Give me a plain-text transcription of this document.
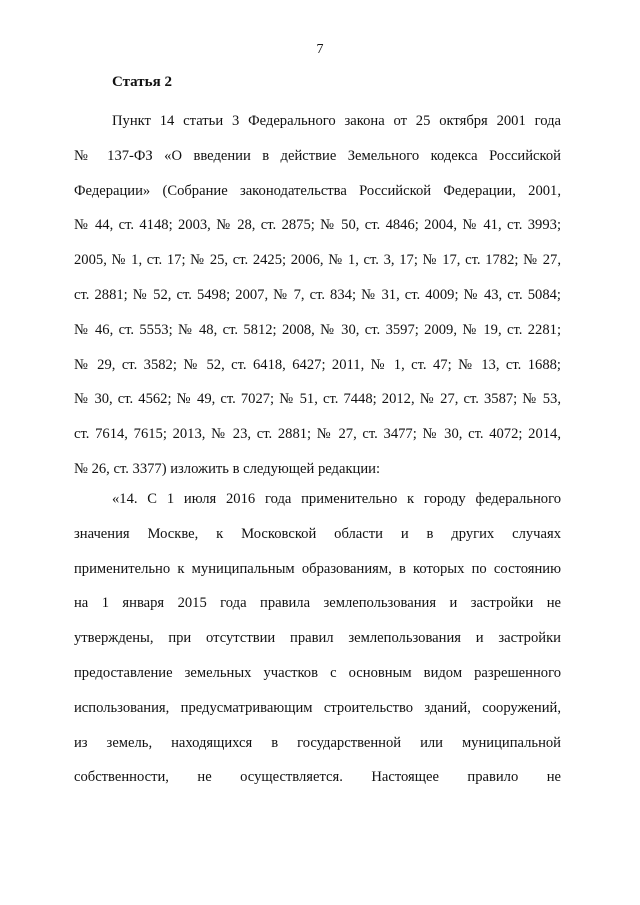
7
Статья 2
Пункт 14 статьи 3 Федерального закона от 25 октября 2001 года
№ 137-ФЗ «О введении в действие Земельного кодекса Российской
Федерации» (Собрание законодательства Российской Федерации, 2001,
№ 44, ст. 4148; 2003, № 28, ст. 2875; № 50, ст. 4846; 2004, № 41, ст. 3993;
2005, № 1, ст. 17; № 25, ст. 2425; 2006, № 1, ст. 3, 17; № 17, ст. 1782; № 27,
ст. 2881; № 52, ст. 5498; 2007, № 7, ст. 834; № 31, ст. 4009; № 43, ст. 5084;
№ 46, ст. 5553; № 48, ст. 5812; 2008, № 30, ст. 3597; 2009, № 19, ст. 2281;
№ 29, ст. 3582; № 52, ст. 6418, 6427; 2011, № 1, ст. 47; № 13, ст. 1688;
№ 30, ст. 4562; № 49, ст. 7027; № 51, ст. 7448; 2012, № 27, ст. 3587; № 53,
ст. 7614, 7615; 2013, № 23, ст. 2881; № 27, ст. 3477; № 30, ст. 4072; 2014,
№ 26, ст. 3377) изложить в следующей редакции:
«14. С 1 июля 2016 года применительно к городу федерального
значения Москве, к Московской области и в других случаях
применительно к муниципальным образованиям, в которых по состоянию
на 1 января 2015 года правила землепользования и застройки не
утверждены, при отсутствии правил землепользования и застройки
предоставление земельных участков с основным видом разрешенного
использования, предусматривающим строительство зданий, сооружений,
из земель, находящихся в государственной или муниципальной
собственности, не осуществляется. Настоящее правило не
